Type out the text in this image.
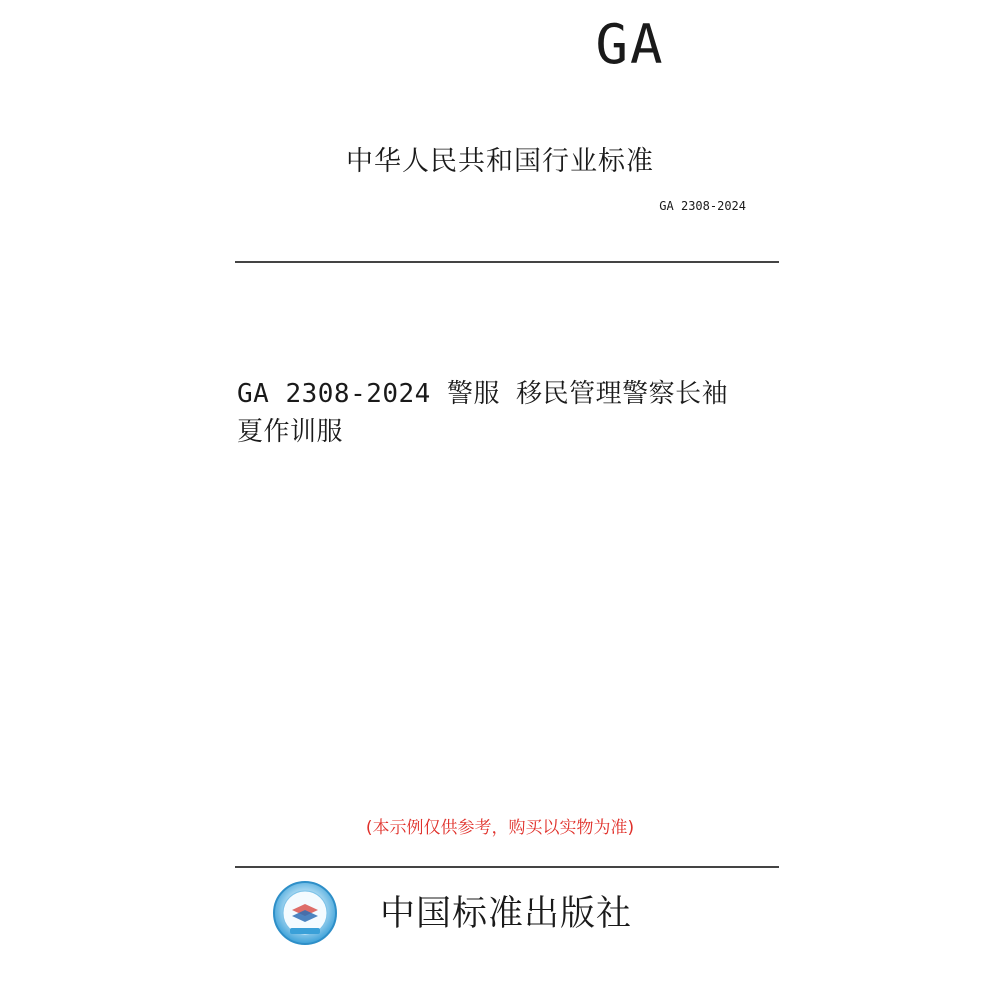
GA
中华人民共和国行业标准
GA 2308-2024
GA 2308-2024 警服 移民管理警察长袖
夏作训服
(本示例仅供参考，购买以实物为准)
中国标准出版社
